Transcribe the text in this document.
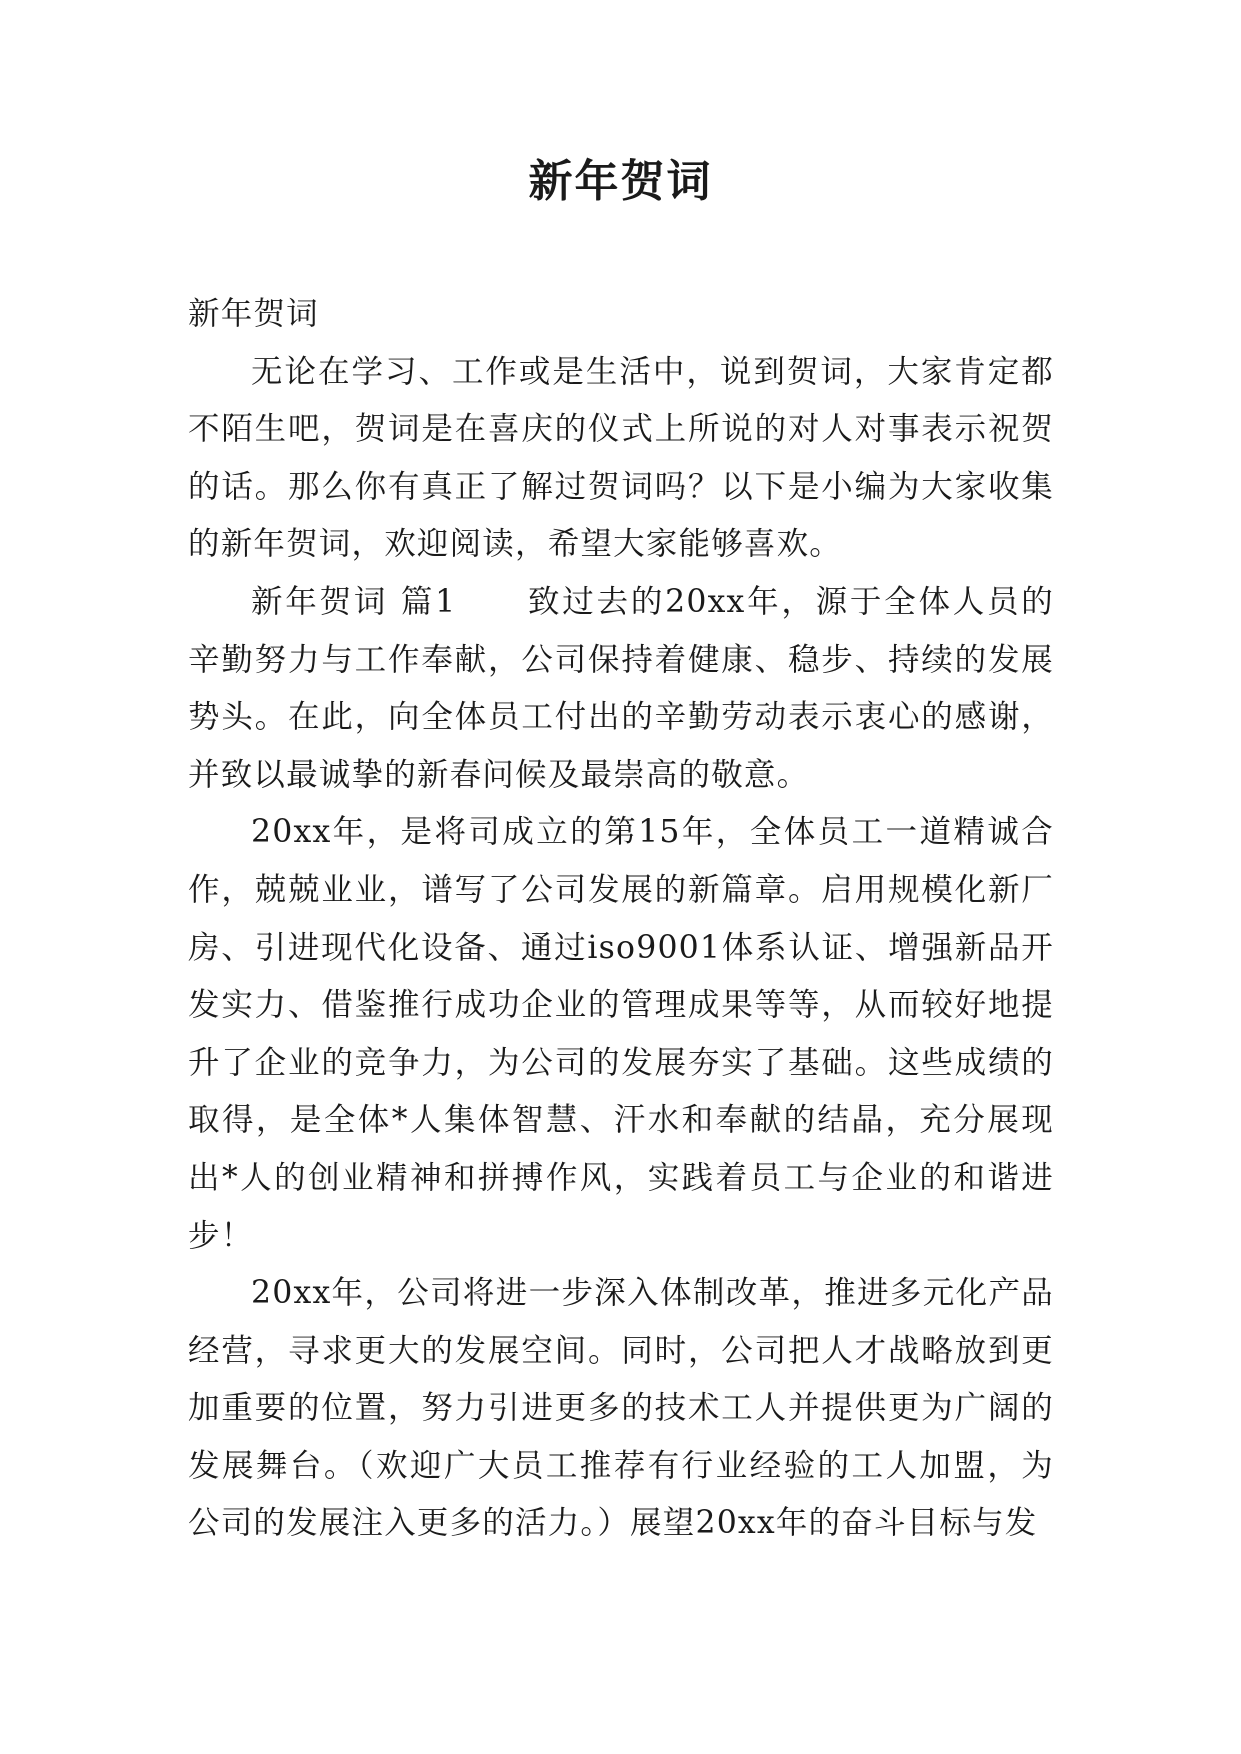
新年贺词

新年贺词

无论在学习、工作或是生活中，说到贺词，大家肯定都不陌生吧，贺词是在喜庆的仪式上所说的对人对事表示祝贺的话。那么你有真正了解过贺词吗？以下是小编为大家收集的新年贺词，欢迎阅读，希望大家能够喜欢。

新年贺词 篇1 致过去的20xx年，源于全体人员的辛勤努力与工作奉献，公司保持着健康、稳步、持续的发展势头。在此，向全体员工付出的辛勤劳动表示衷心的感谢，并致以最诚挚的新春问候及最崇高的敬意。

20xx年，是将司成立的第15年，全体员工一道精诚合作，兢兢业业，谱写了公司发展的新篇章。启用规模化新厂房、引进现代化设备、通过iso9001体系认证、增强新品开发实力、借鉴推行成功企业的管理成果等等，从而较好地提升了企业的竞争力，为公司的发展夯实了基础。这些成绩的取得，是全体*人集体智慧、汗水和奉献的结晶，充分展现出*人的创业精神和拼搏作风，实践着员工与企业的和谐进步！

20xx年，公司将进一步深入体制改革，推进多元化产品经营，寻求更大的发展空间。同时，公司把人才战略放到更加重要的位置，努力引进更多的技术工人并提供更为广阔的发展舞台。（欢迎广大员工推荐有行业经验的工人加盟，为公司的发展注入更多的活力。）展望20xx年的奋斗目标与发
